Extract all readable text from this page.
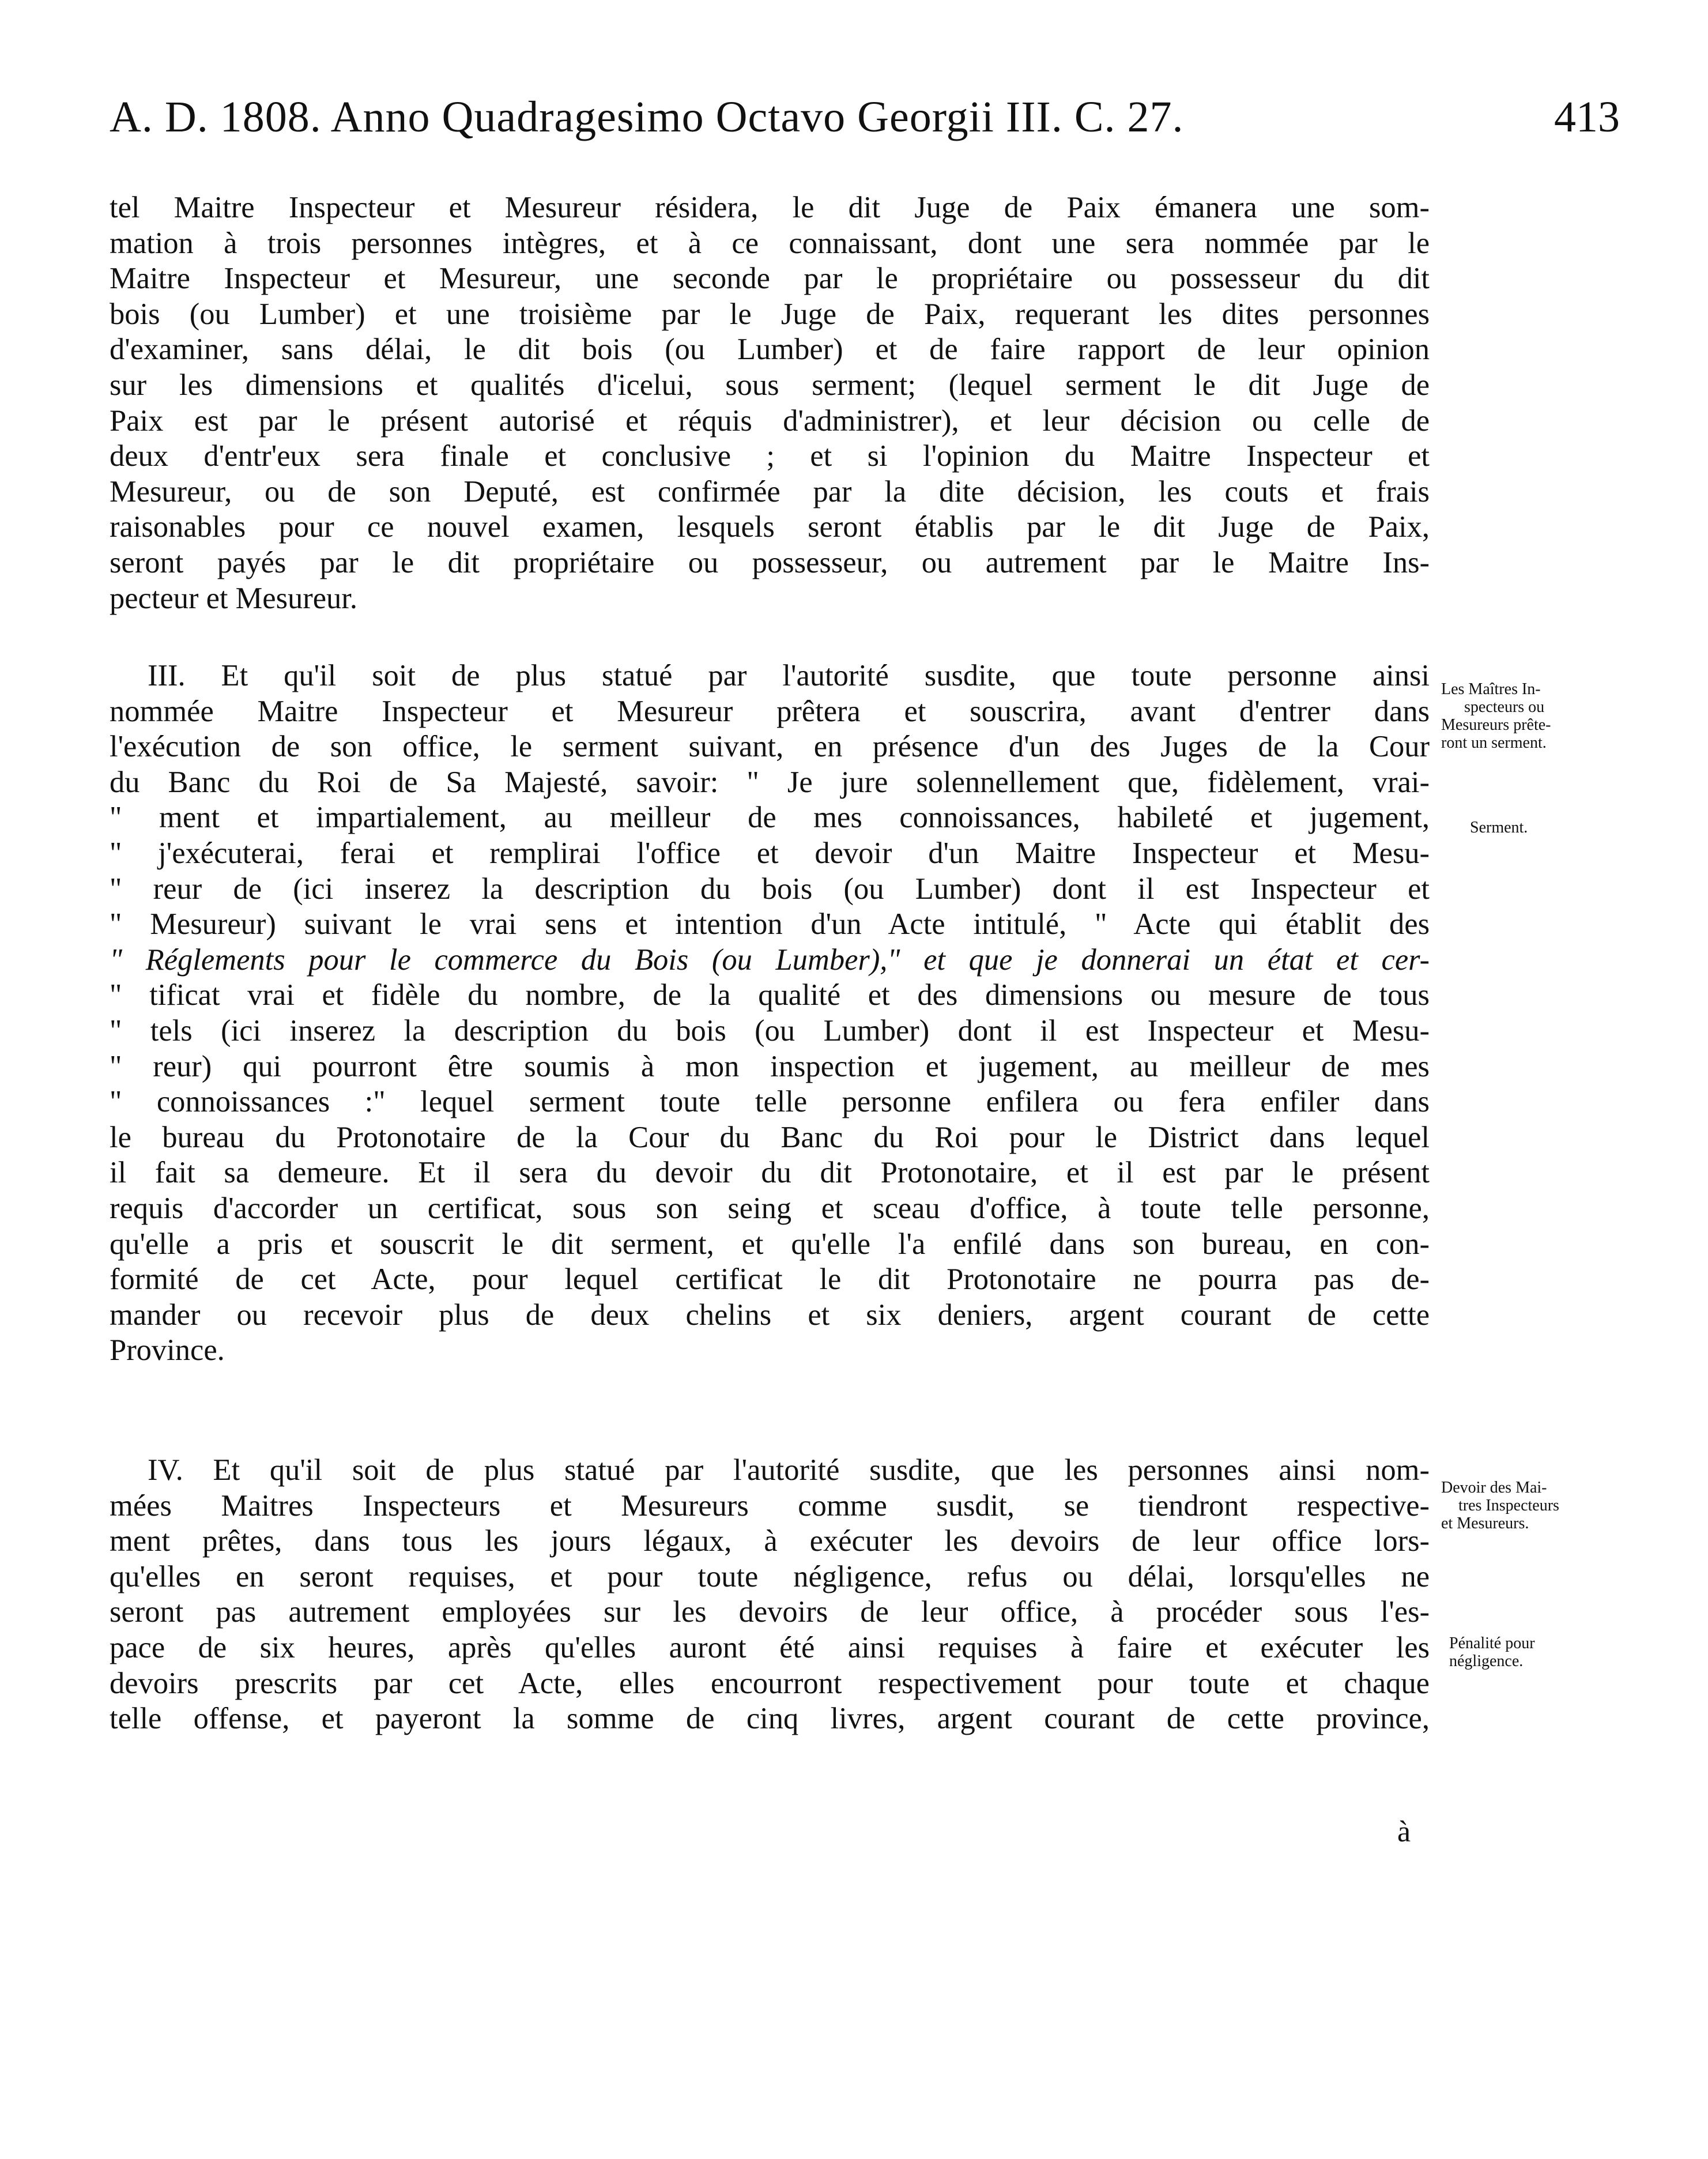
A. D. 1808. Anno Quadragesimo Octavo Georgii III. C. 27.	413
tel Maitre Inspecteur et Mesureur résidera, le dit Juge de Paix émanera une som-
mation à trois personnes intègres, et à ce connaissant, dont une sera nommée par le
Maitre Inspecteur et Mesureur, une seconde par le propriétaire ou possesseur du dit
bois (ou Lumber) et une troisième par le Juge de Paix, requerant les dites personnes
d'examiner, sans délai, le dit bois (ou Lumber) et de faire rapport de leur opinion
sur les dimensions et qualités d'icelui, sous serment; (lequel serment le dit Juge de
Paix est par le présent autorisé et réquis d'administrer), et leur décision ou celle de
deux d'entr'eux sera finale et conclusive ; et si l'opinion du Maitre Inspecteur et
Mesureur, ou de son Deputé, est confirmée par la dite décision, les couts et frais
raisonables pour ce nouvel examen, lesquels seront établis par le dit Juge de Paix,
seront payés par le dit propriétaire ou possesseur, ou autrement par le Maitre Ins-
pecteur et Mesureur.
III. Et qu'il soit de plus statué par l'autorité susdite, que toute personne ainsi
nommée Maitre Inspecteur et Mesureur prêtera et souscrira, avant d'entrer dans
l'exécution de son office, le serment suivant, en présence d'un des Juges de la Cour
du Banc du Roi de Sa Majesté, savoir: " Je jure solennellement que, fidèlement, vrai-
" ment et impartialement, au meilleur de mes connoissances, habileté et jugement,
" j'exécuterai, ferai et remplirai l'office et devoir d'un Maitre Inspecteur et Mesu-
" reur de (ici inserez la description du bois (ou Lumber) dont il est Inspecteur et
" Mesureur) suivant le vrai sens et intention d'un Acte intitulé, " Acte qui établit des
" Réglements pour le commerce du Bois (ou Lumber)," et que je donnerai un état et cer-
" tificat vrai et fidèle du nombre, de la qualité et des dimensions ou mesure de tous
" tels (ici inserez la description du bois (ou Lumber) dont il est Inspecteur et Mesu-
" reur) qui pourront être soumis à mon inspection et jugement, au meilleur de mes
" connoissances :" lequel serment toute telle personne enfilera ou fera enfiler dans
le bureau du Protonotaire de la Cour du Banc du Roi pour le District dans lequel
il fait sa demeure. Et il sera du devoir du dit Protonotaire, et il est par le présent
requis d'accorder un certificat, sous son seing et sceau d'office, à toute telle personne,
qu'elle a pris et souscrit le dit serment, et qu'elle l'a enfilé dans son bureau, en con-
formité de cet Acte, pour lequel certificat le dit Protonotaire ne pourra pas de-
mander ou recevoir plus de deux chelins et six deniers, argent courant de cette
Province.
IV. Et qu'il soit de plus statué par l'autorité susdite, que les personnes ainsi nom-
mées Maitres Inspecteurs et Mesureurs comme susdit, se tiendront respective-
ment prêtes, dans tous les jours légaux, à exécuter les devoirs de leur office lors-
qu'elles en seront requises, et pour toute négligence, refus ou délai, lorsqu'elles ne
seront pas autrement employées sur les devoirs de leur office, à procéder sous l'es-
pace de six heures, après qu'elles auront été ainsi requises à faire et exécuter les
devoirs prescrits par cet Acte, elles encourront respectivement pour toute et chaque
telle offense, et payeront la somme de cinq livres, argent courant de cette province,
à
Les Maîtres In-
specteurs ou
Mesureurs prête-
ront un serment.
Serment.
Devoir des Mai-
tres Inspecteurs
et Mesureurs.
Pénalité pour
négligence.
